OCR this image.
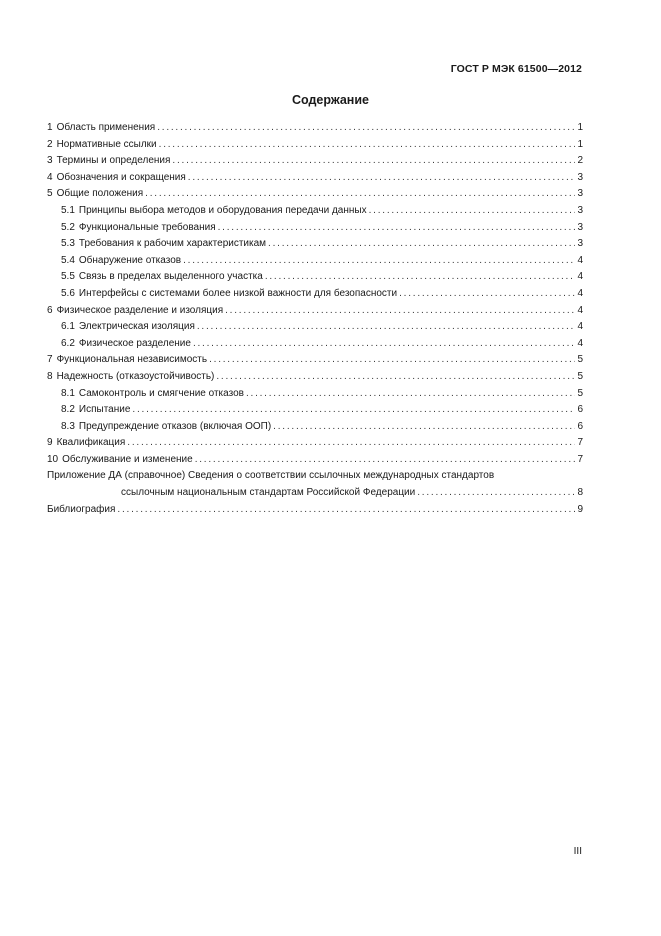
ГОСТ Р МЭК 61500—2012
Содержание
1 Область применения . . .	1
2 Нормативные ссылки . . .	1
3 Термины и определения . . .	2
4 Обозначения и сокращения . . .	3
5 Общие положения . . .	3
5.1 Принципы выбора методов и оборудования передачи данных . . .	3
5.2 Функциональные требования . . .	3
5.3 Требования к рабочим характеристикам . . .	3
5.4 Обнаружение отказов . . .	4
5.5 Связь в пределах выделенного участка . . .	4
5.6 Интерфейсы с системами более низкой важности для безопасности . . .	4
6 Физическое разделение и изоляция . . .	4
6.1 Электрическая изоляция . . .	4
6.2 Физическое разделение . . .	4
7 Функциональная независимость . . .	5
8 Надежность (отказоустойчивость) . . .	5
8.1 Самоконтроль и смягчение отказов . . .	5
8.2 Испытание . . .	6
8.3 Предупреждение отказов (включая ООП) . . .	6
9 Квалификация . . .	7
10 Обслуживание и изменение . . .	7
Приложение ДА (справочное) Сведения о соответствии ссылочных международных стандартов
ссылочным национальным стандартам Российской Федерации . . .	8
Библиография . . .	9
III
